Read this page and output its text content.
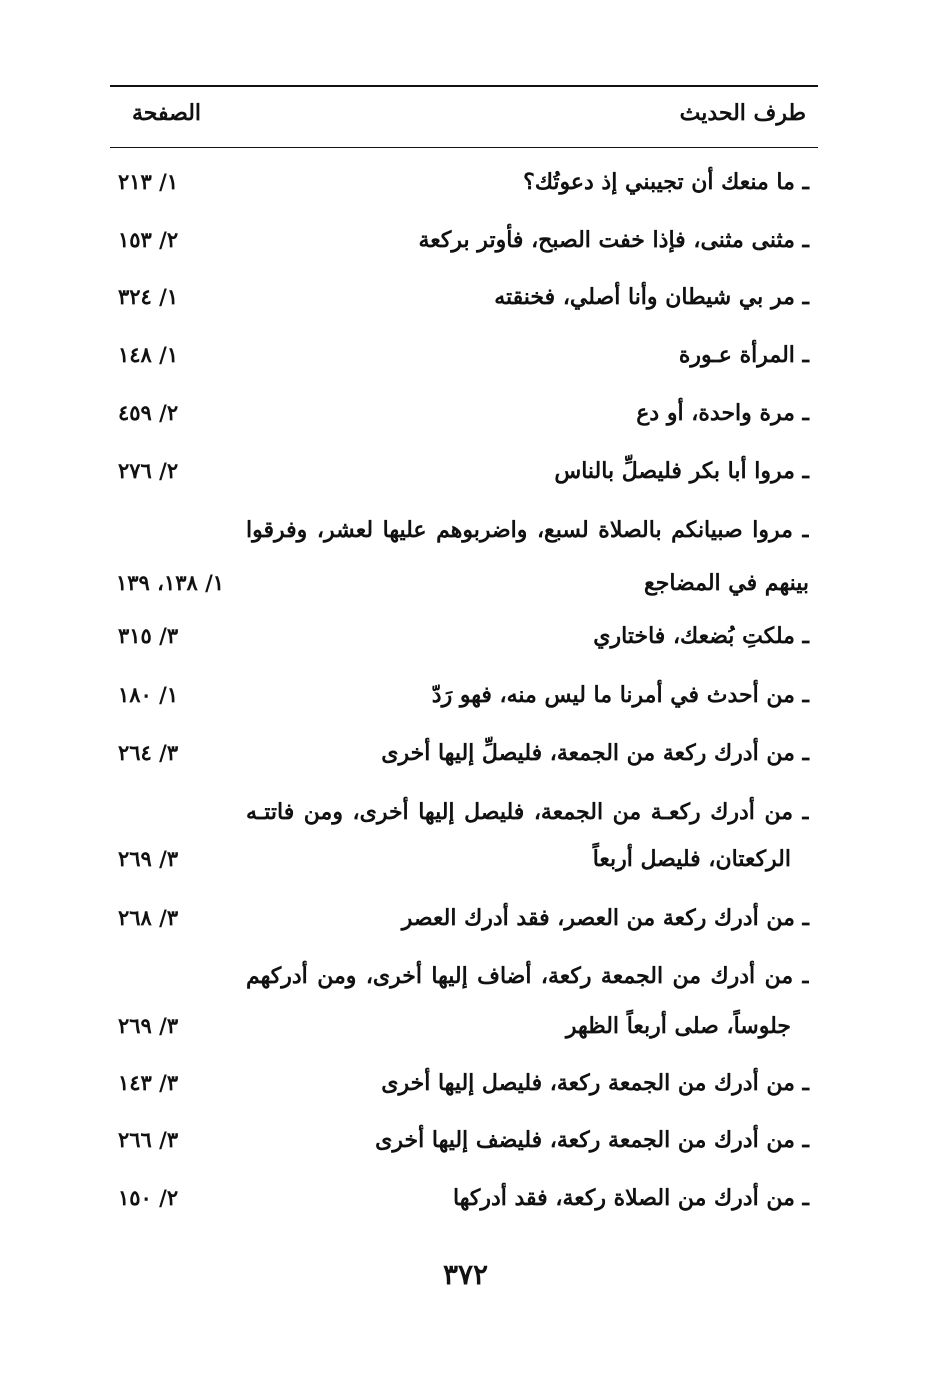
طرف الحديث
الصفحة
ـ ما منعك أن تجيبني إذ دعوتُك؟
١/ ٢١٣
ـ مثنى مثنى، فإذا خفت الصبح، فأوتر بركعة
٢/ ١٥٣
ـ مر بي شيطان وأنا أصلي، فخنقته
١/ ٣٢٤
ـ المرأة عـورة
١/ ١٤٨
ـ مرة واحدة، أو دع
٢/ ٤٥٩
ـ مروا أبا بكر فليصلِّ بالناس
٢/ ٢٧٦
ـ مروا صبيانكم بالصلاة لسبع، واضربوهم عليها لعشر، وفرقوا
بينهم في المضاجع
١/ ١٣٨، ١٣٩
ـ ملكتِ بُضعك، فاختاري
٣/ ٣١٥
ـ من أحدث في أمرنا ما ليس منه، فهو رَدّ
١/ ١٨٠
ـ من أدرك ركعة من الجمعة، فليصلِّ إليها أخرى
٣/ ٢٦٤
ـ من أدرك ركعـة من الجمعة، فليصل إليها أخرى، ومن فاتتـه
الركعتان، فليصل أربعاً
٣/ ٢٦٩
ـ من أدرك ركعة من العصر، فقد أدرك العصر
٣/ ٢٦٨
ـ من أدرك من الجمعة ركعة، أضاف إليها أخرى، ومن أدركهم
جلوساً، صلى أربعاً الظهر
٣/ ٢٦٩
ـ من أدرك من الجمعة ركعة، فليصل إليها أخرى
٣/ ١٤٣
ـ من أدرك من الجمعة ركعة، فليضف إليها أخرى
٣/ ٢٦٦
ـ من أدرك من الصلاة ركعة، فقد أدركها
٢/ ١٥٠
٣٧٢
